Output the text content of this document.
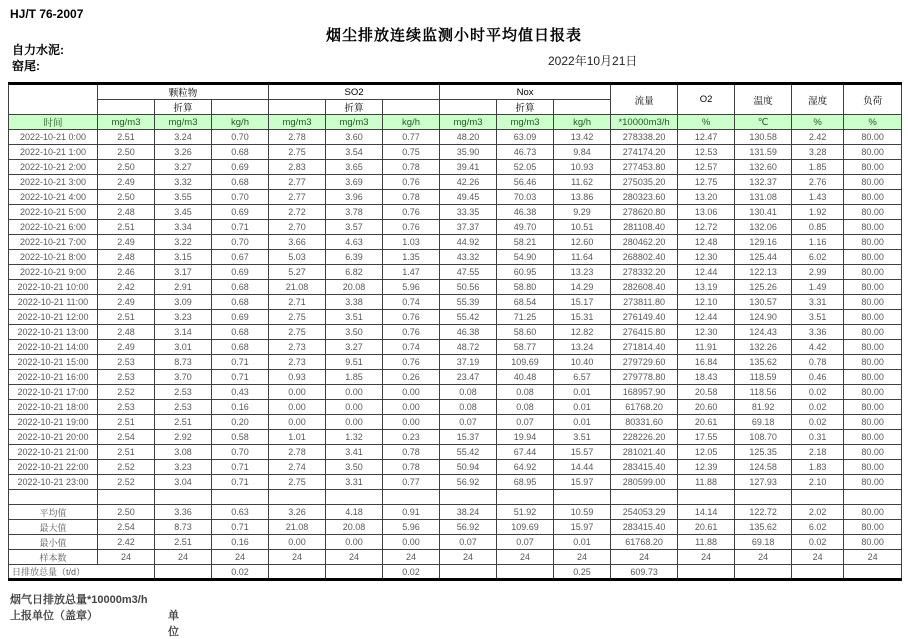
HJ/T 76-2007
烟尘排放连续监测小时平均值日报表
自力水泥:
窑尾:	2022年10月21日
	颗粒物			SO2			Nox			流量	O2	温度	湿度	负荷
		折算			折算			折算						
时间	mg/m3	mg/m3	kg/h	mg/m3	mg/m3	kg/h	mg/m3	mg/m3	kg/h	*10000m3/h	%	℃	%	%
2022-10-21 0:00	2.51	3.24	0.70	2.78	3.60	0.77	48.20	63.09	13.42	278338.20	12.47	130.58	2.42	80.00
2022-10-21 1:00	2.50	3.26	0.68	2.75	3.54	0.75	35.90	46.73	9.84	274174.20	12.53	131.59	3.28	80.00
2022-10-21 2:00	2.50	3.27	0.69	2.83	3.65	0.78	39.41	52.05	10.93	277453.80	12.57	132.60	1.85	80.00
2022-10-21 3:00	2.49	3.32	0.68	2.77	3.69	0.76	42.26	56.46	11.62	275035.20	12.75	132.37	2.76	80.00
2022-10-21 4:00	2.50	3.55	0.70	2.77	3.96	0.78	49.45	70.03	13.86	280323.60	13.20	131.08	1.43	80.00
2022-10-21 5:00	2.48	3.45	0.69	2.72	3.78	0.76	33.35	46.38	9.29	278620.80	13.06	130.41	1.92	80.00
2022-10-21 6:00	2.51	3.34	0.71	2.70	3.57	0.76	37.37	49.70	10.51	281108.40	12.72	132.06	0.85	80.00
2022-10-21 7:00	2.49	3.22	0.70	3.66	4.63	1.03	44.92	58.21	12.60	280462.20	12.48	129.16	1.16	80.00
2022-10-21 8:00	2.48	3.15	0.67	5.03	6.39	1.35	43.32	54.90	11.64	268802.40	12.30	125.44	6.02	80.00
2022-10-21 9:00	2.46	3.17	0.69	5.27	6.82	1.47	47.55	60.95	13.23	278332.20	12.44	122.13	2.99	80.00
2022-10-21 10:00	2.42	2.91	0.68	21.08	20.08	5.96	50.56	58.80	14.29	282608.40	13.19	125.26	1.49	80.00
2022-10-21 11:00	2.49	3.09	0.68	2.71	3.38	0.74	55.39	68.54	15.17	273811.80	12.10	130.57	3.31	80.00
2022-10-21 12:00	2.51	3.23	0.69	2.75	3.51	0.76	55.42	71.25	15.31	276149.40	12.44	124.90	3.51	80.00
2022-10-21 13:00	2.48	3.14	0.68	2.75	3.50	0.76	46.38	58.60	12.82	276415.80	12.30	124.43	3.36	80.00
2022-10-21 14:00	2.49	3.01	0.68	2.73	3.27	0.74	48.72	58.77	13.24	271814.40	11.91	132.26	4.42	80.00
2022-10-21 15:00	2.53	8.73	0.71	2.73	9.51	0.76	37.19	109.69	10.40	279729.60	16.84	135.62	0.78	80.00
2022-10-21 16:00	2.53	3.70	0.71	0.93	1.85	0.26	23.47	40.48	6.57	279778.80	18.43	118.59	0.46	80.00
2022-10-21 17:00	2.52	2.53	0.43	0.00	0.00	0.00	0.08	0.08	0.01	168957.90	20.58	118.56	0.02	80.00
2022-10-21 18:00	2.53	2.53	0.16	0.00	0.00	0.00	0.08	0.08	0.01	61768.20	20.60	81.92	0.02	80.00
2022-10-21 19:00	2.51	2.51	0.20	0.00	0.00	0.00	0.07	0.07	0.01	80331.60	20.61	69.18	0.02	80.00
2022-10-21 20:00	2.54	2.92	0.58	1.01	1.32	0.23	15.37	19.94	3.51	228226.20	17.55	108.70	0.31	80.00
2022-10-21 21:00	2.51	3.08	0.70	2.78	3.41	0.78	55.42	67.44	15.57	281021.40	12.05	125.35	2.18	80.00
2022-10-21 22:00	2.52	3.23	0.71	2.74	3.50	0.78	50.94	64.92	14.44	283415.40	12.39	124.58	1.83	80.00
2022-10-21 23:00	2.52	3.04	0.71	2.75	3.31	0.77	56.92	68.95	15.97	280599.00	11.88	127.93	2.10	80.00

平均值	2.50	3.36	0.63	3.26	4.18	0.91	38.24	51.92	10.59	254053.29	14.14	122.72	2.02	80.00
最大值	2.54	8.73	0.71	21.08	20.08	5.96	56.92	109.69	15.97	283415.40	20.61	135.62	6.02	80.00
最小值	2.42	2.51	0.16	0.00	0.00	0.00	0.07	0.07	0.01	61768.20	11.88	69.18	0.02	80.00
样本数	24	24	24	24	24	24	24	24	24	24	24	24	24	24
日排放总量（t/d）			0.02			0.02			0.25	609.73				
烟气日排放总量*10000m3/h
上报单位（盖章）	单位
